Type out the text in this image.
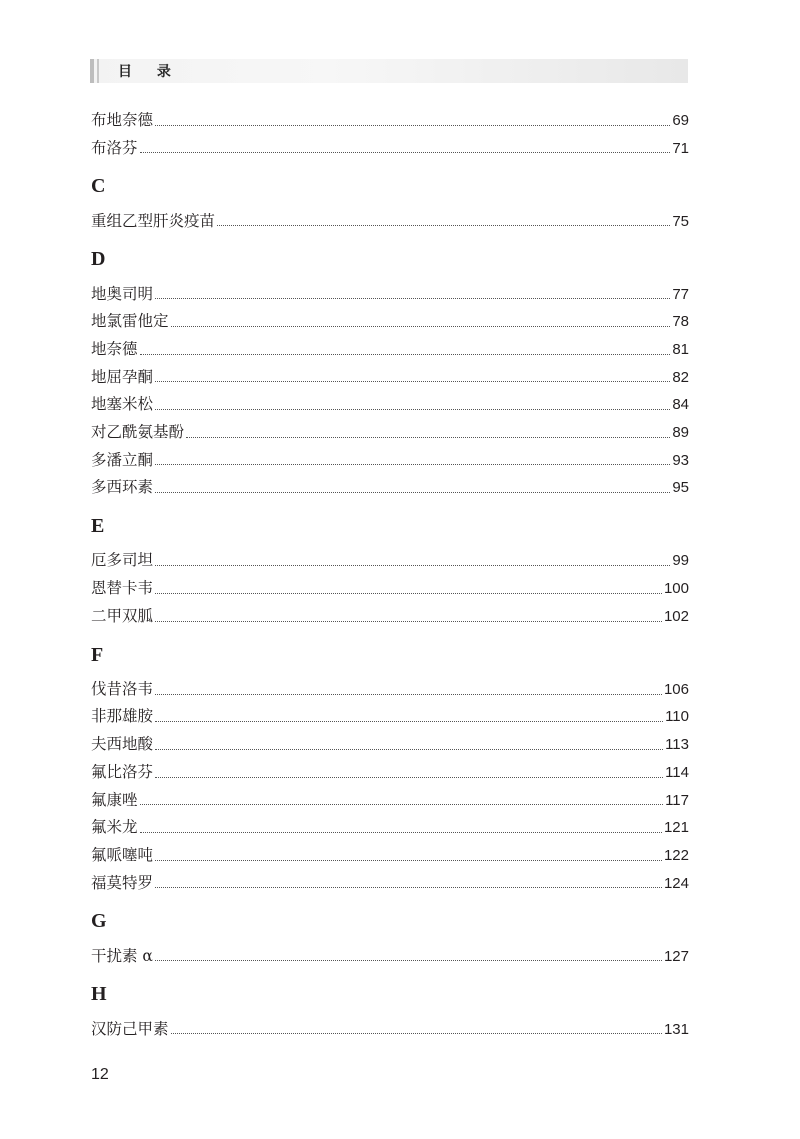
目 录
布地奈德	69
布洛芬	71
C
重组乙型肝炎疫苗	75
D
地奥司明	77
地氯雷他定	78
地奈德	81
地屈孕酮	82
地塞米松	84
对乙酰氨基酚	89
多潘立酮	93
多西环素	95
E
厄多司坦	99
恩替卡韦	100
二甲双胍	102
F
伐昔洛韦	106
非那雄胺	110
夫西地酸	113
氟比洛芬	114
氟康唑	117
氟米龙	121
氟哌噻吨	122
福莫特罗	124
G
干扰素 α	127
H
汉防己甲素	131
12
